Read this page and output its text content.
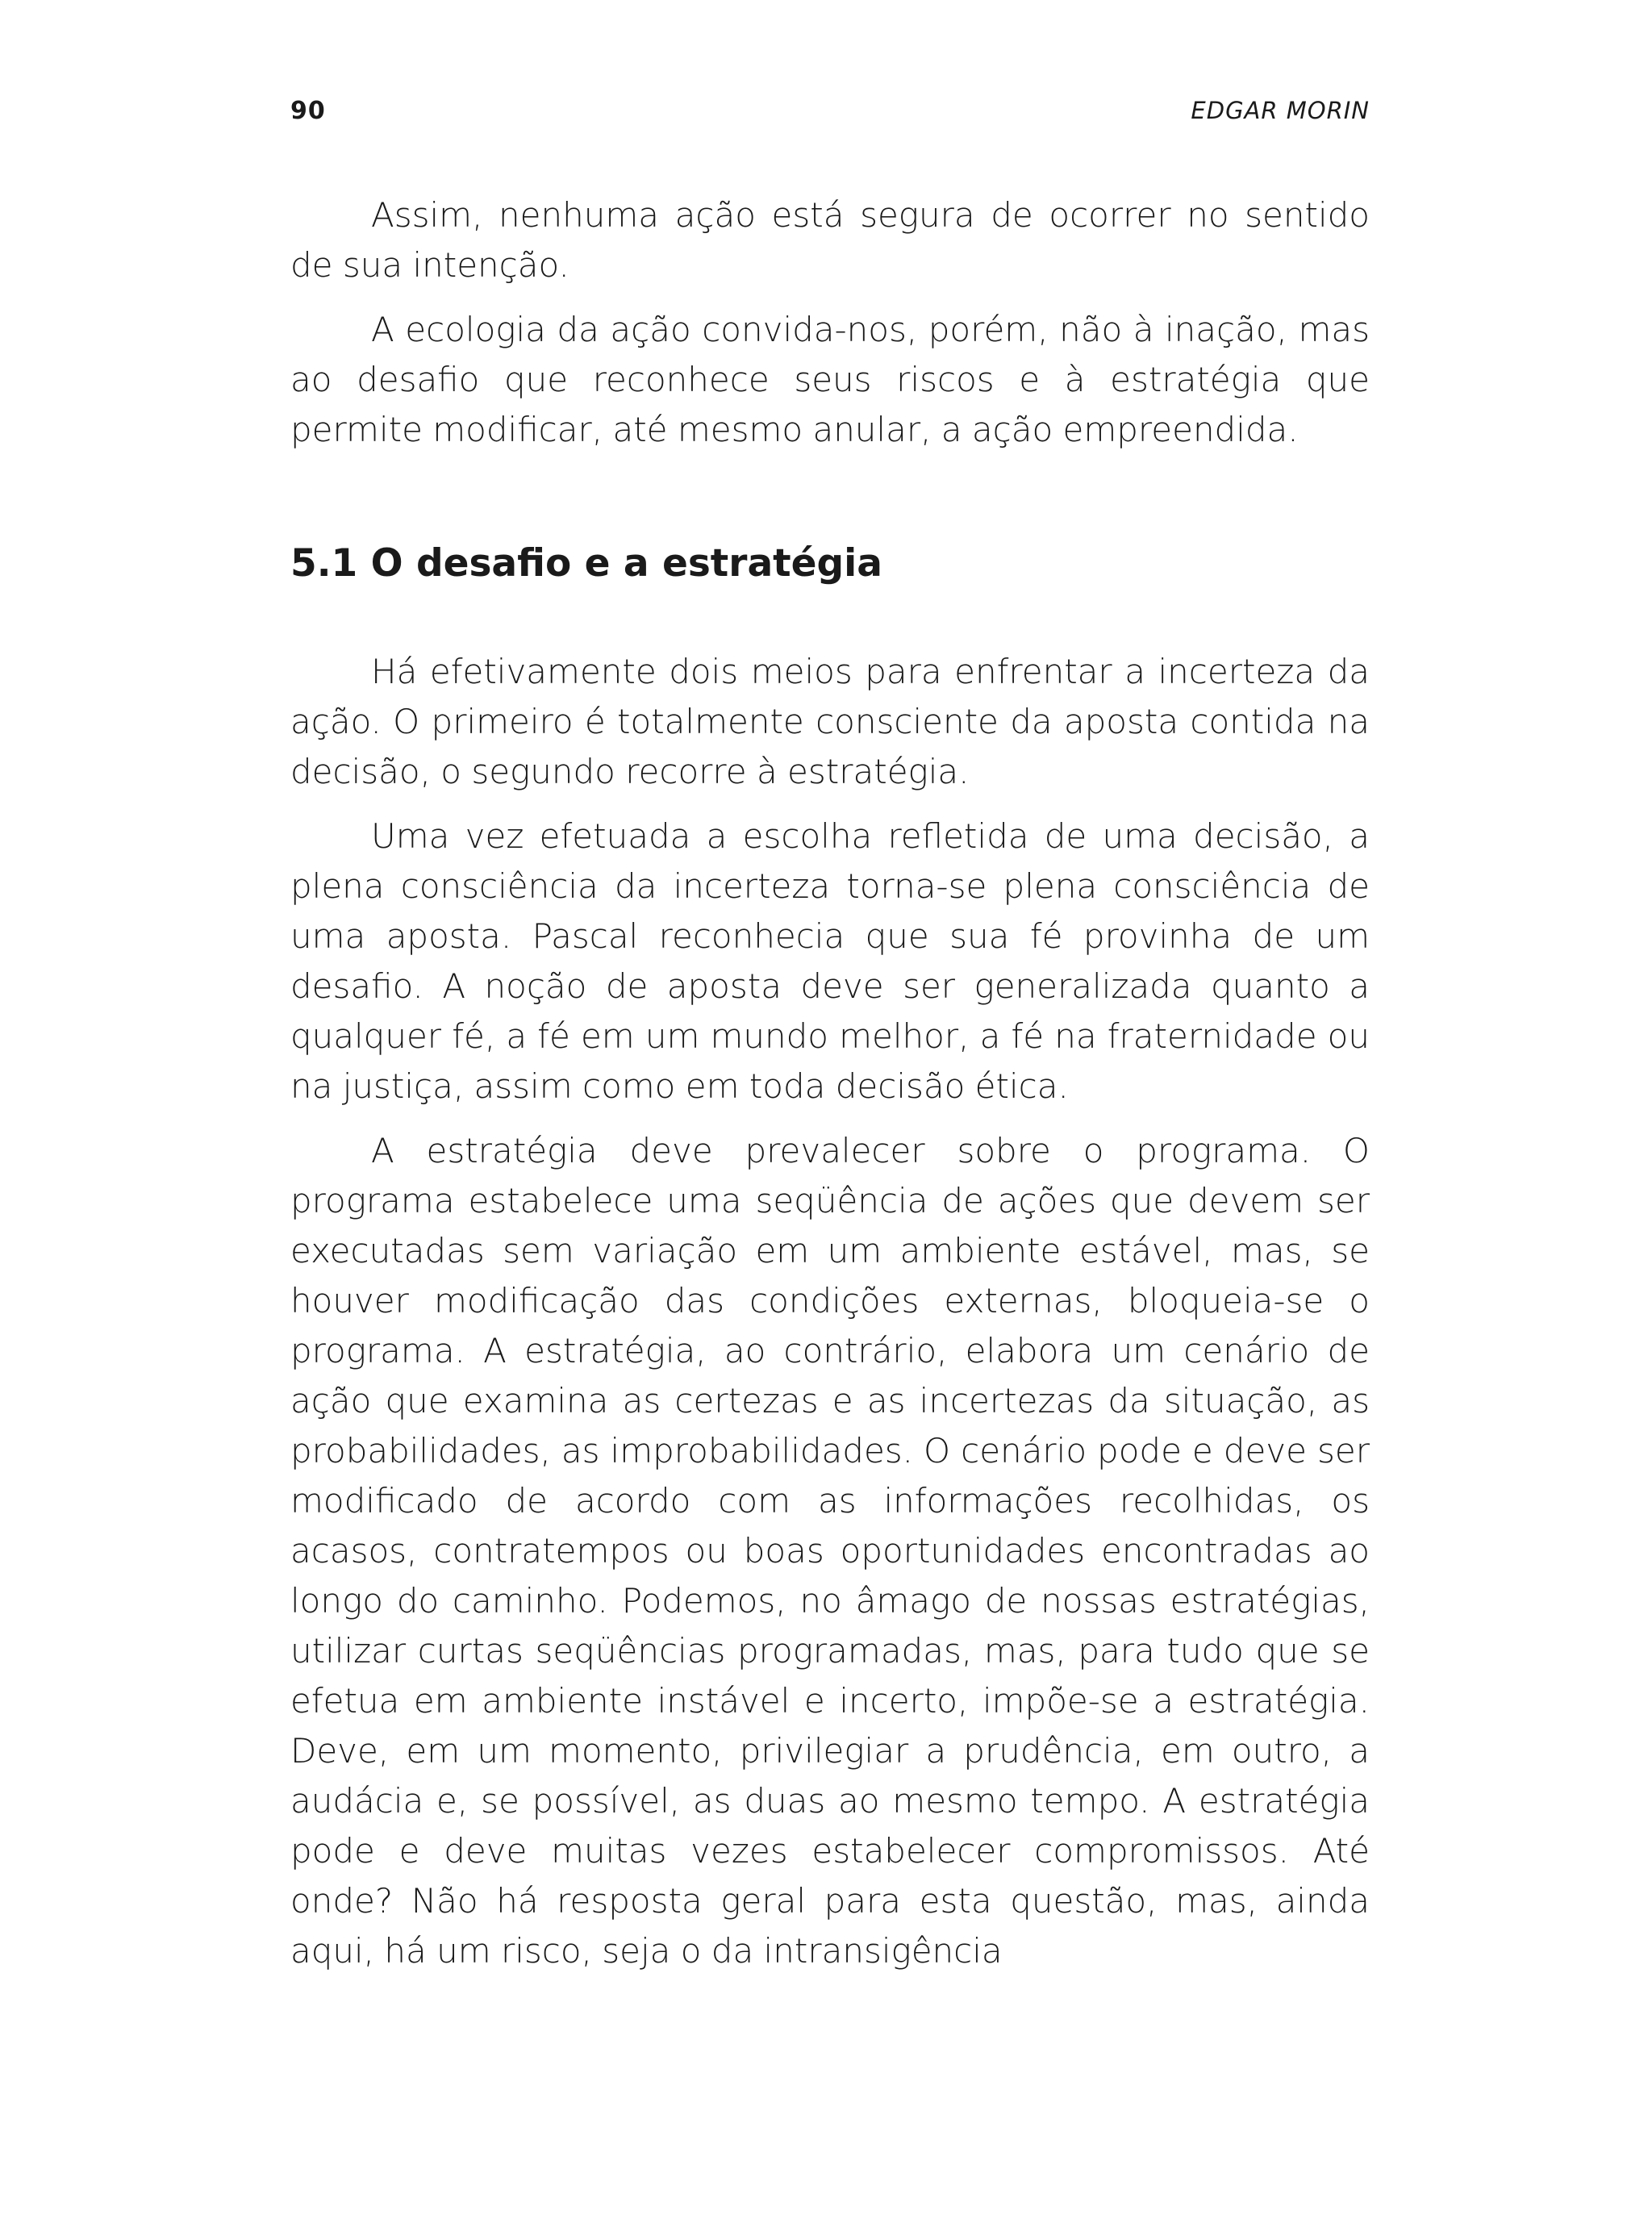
90	EDGAR MORIN

Assim, nenhuma ação está segura de ocorrer no sentido de sua intenção.

A ecologia da ação convida-nos, porém, não à inação, mas ao desafio que reconhece seus riscos e à estratégia que permite modificar, até mesmo anular, a ação empreendida.

5.1 O desafio e a estratégia

Há efetivamente dois meios para enfrentar a incerteza da ação. O primeiro é totalmente consciente da aposta contida na decisão, o segundo recorre à estratégia.

Uma vez efetuada a escolha refletida de uma decisão, a plena consciência da incerteza torna-se plena consciência de uma aposta. Pascal reconhecia que sua fé provinha de um desafio. A noção de aposta deve ser generalizada quanto a qualquer fé, a fé em um mundo melhor, a fé na fraternidade ou na justiça, assim como em toda decisão ética.

A estratégia deve prevalecer sobre o programa. O programa estabelece uma seqüência de ações que devem ser executadas sem variação em um ambiente estável, mas, se houver modificação das condições externas, bloqueia-se o programa. A estratégia, ao contrário, elabora um cenário de ação que examina as certezas e as incertezas da situação, as probabilidades, as improbabilidades. O cenário pode e deve ser modificado de acordo com as informações recolhidas, os acasos, contratempos ou boas oportunidades encontradas ao longo do caminho. Podemos, no âmago de nossas estratégias, utilizar curtas seqüências programadas, mas, para tudo que se efetua em ambiente instável e incerto, impõe-se a estratégia. Deve, em um momento, privilegiar a prudência, em outro, a audácia e, se possível, as duas ao mesmo tempo. A estratégia pode e deve muitas vezes estabelecer compromissos. Até onde? Não há resposta geral para esta questão, mas, ainda aqui, há um risco, seja o da intransigência
